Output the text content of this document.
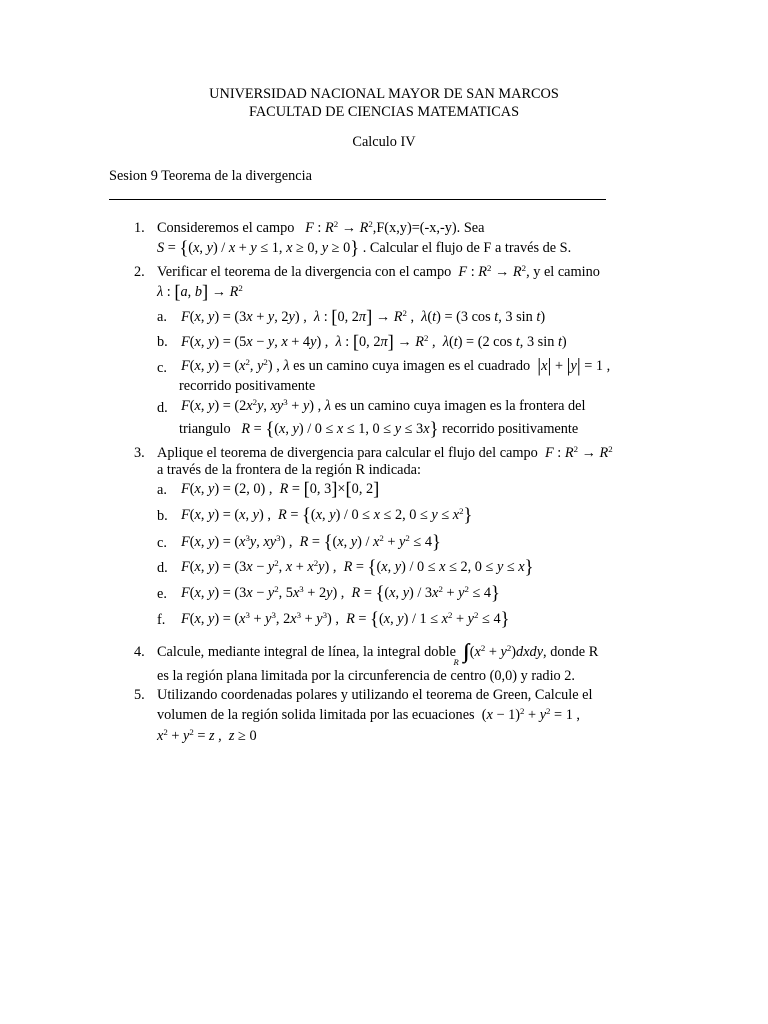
UNIVERSIDAD NACIONAL MAYOR DE SAN MARCOS
FACULTAD DE CIENCIAS MATEMATICAS
Calculo IV
Sesion 9 Teorema de la divergencia
1. Consideremos el campo F : $R^2 \to R^2,F(x,y)=(-x,-y)$. Sea
S = {(x, y) / x + y ≤ 1, x ≥ 0, y ≥ 0} . Calcular el flujo de F a través de S.
2. Verificar el teorema de la divergencia con el campo F : $R^2 \to R^2$, y el camino
λ : [a, $b] \to R^2$
a. F(x, y) = (3x + y, 2y) ,  λ : [0, $2\pi] \to R^2$ ,  λ(t) = (3 cos t, 3 sin t)
b. F(x, y) = (5x − y, x + 4y) ,  λ : [0, $2\pi] \to R^2$ ,  λ(t) = (2 cos t, 3 sin t)
c. F(x, $y) = (x^2$, $y^2$) , λ es un camino cuya imagen es el cuadrado |x| + |y| = 1 ,
recorrido positivamente
d. F(x, $y) = (2x^2y$, $xy^3 + y$) , λ es un camino cuya imagen es la frontera del
triangulo R = {(x, y) / 0 ≤ x ≤ 1, 0 ≤ y ≤ 3x} recorrido positivamente
3. Aplique el teorema de divergencia para calcular el flujo del campo F : $R^2 \to R^2$
a través de la frontera de la región R indicada:
a. F(x, y) = (2, 0) ,  R = [0, 3]×[0, 2]
b. F(x, y) = (x, y) ,  R = {(x, y) / 0 ≤ x ≤ 2, $0 \le y \le x^2$}
c. F(x, $y) = (x^3y$, $xy^3$) ,  R = {(x, $y) / x^2 + y^2 \le 4$}
d. F(x, $y) = (3x - y^2$, $x + x^2y$) ,  R = {(x, y) / 0 ≤ x ≤ 2, 0 ≤ y ≤ x}
e. F(x, $y) = (3x - y^2$, $5x^3 + 2y$) ,  R = {(x, $y) / 3x^2 + y^2 \le 4$}
f. F(x, $y) = (x^3 + y^3$, $2x^3 + y^3$) ,  R = {(x, $y) / 1 \le x^2 + y^2 \le 4$}
4. Calcule, mediante integral de línea, la integral doble $\int\int_R(x^2$ + $y^2)dxdy$, donde R
es la región plana limitada por la circunferencia de centro (0,0) y radio 2.
5. Utilizando coordenadas polares y utilizando el teorema de Green, Calcule el
volumen de la región solida limitada por las ecuaciones  $(x - 1)^2 + y^2 = 1$ ,
$x^2 + y^2 = z$ ,  z ≥ 0
